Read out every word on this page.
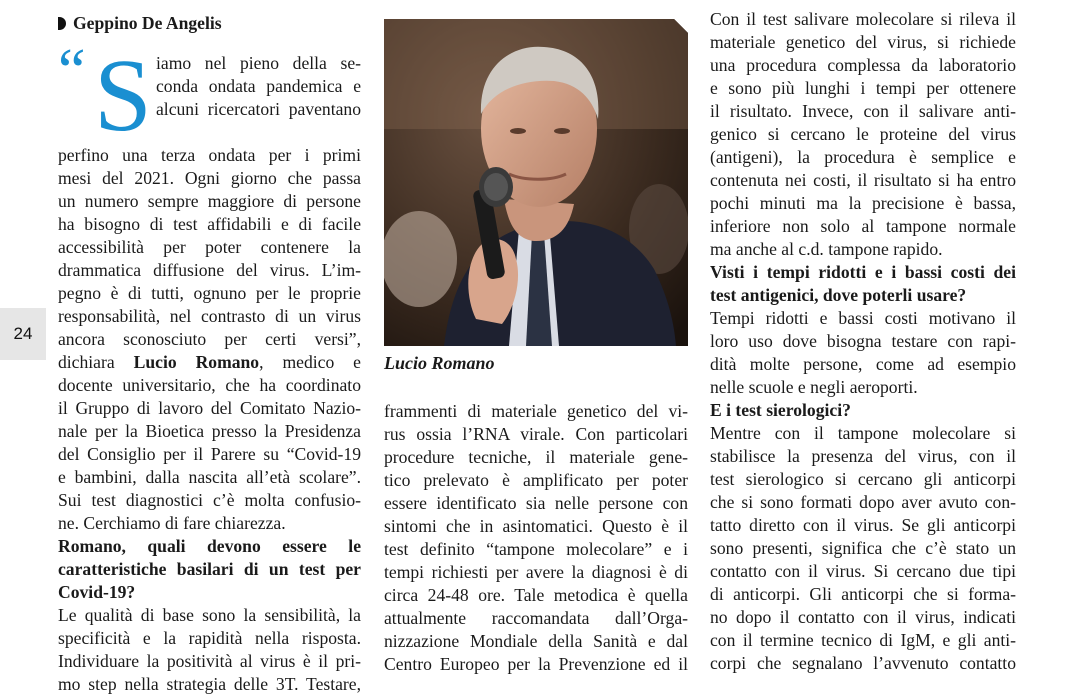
24
Geppino De Angelis
“ S iamo nel pieno della se-
conda ondata pandemica e
alcuni ricercatori paventano
perfino una terza ondata per i primi
mesi del 2021. Ogni giorno che passa
un numero sempre maggiore di persone
ha bisogno di test affidabili e di facile
accessibilità per poter contenere la
drammatica diffusione del virus. L’im-
pegno è di tutti, ognuno per le proprie
responsabilità, nel contrasto di un virus
ancora sconosciuto per certi versi”,
dichiara Lucio Romano, medico e
docente universitario, che ha coordinato
il Gruppo di lavoro del Comitato Nazio-
nale per la Bioetica presso la Presidenza
del Consiglio per il Parere su “Covid-19
e bambini, dalla nascita all’età scolare”.
Sui test diagnostici c’è molta confusio-
ne. Cerchiamo di fare chiarezza.
Romano, quali devono essere le
caratteristiche basilari di un test per
Covid-19?
Le qualità di base sono la sensibilità, la
specificità e la rapidità nella risposta.
Individuare la positività al virus è il pri-
mo step nella strategia delle 3T. Testare,
Lucio Romano
frammenti di materiale genetico del vi-
rus ossia l’RNA virale. Con particolari
procedure tecniche, il materiale gene-
tico prelevato è amplificato per poter
essere identificato sia nelle persone con
sintomi che in asintomatici. Questo è il
test definito “tampone molecolare” e i
tempi richiesti per avere la diagnosi è di
circa 24-48 ore. Tale metodica è quella
attualmente raccomandata dall’Orga-
nizzazione Mondiale della Sanità e dal
Centro Europeo per la Prevenzione ed il
Con il test salivare molecolare si rileva il
materiale genetico del virus, si richiede
una procedura complessa da laboratorio
e sono più lunghi i tempi per ottenere
il risultato. Invece, con il salivare anti-
genico si cercano le proteine del virus
(antigeni), la procedura è semplice e
contenuta nei costi, il risultato si ha entro
pochi minuti ma la precisione è bassa,
inferiore non solo al tampone normale
ma anche al c.d. tampone rapido.
Visti i tempi ridotti e i bassi costi dei
test antigenici, dove poterli usare?
Tempi ridotti e bassi costi motivano il
loro uso dove bisogna testare con rapi-
dità molte persone, come ad esempio
nelle scuole e negli aeroporti.
E i test sierologici?
Mentre con il tampone molecolare si
stabilisce la presenza del virus, con il
test sierologico si cercano gli anticorpi
che si sono formati dopo aver avuto con-
tatto diretto con il virus. Se gli anticorpi
sono presenti, significa che c’è stato un
contatto con il virus. Si cercano due tipi
di anticorpi. Gli anticorpi che si forma-
no dopo il contatto con il virus, indicati
con il termine tecnico di IgM, e gli anti-
corpi che segnalano l’avvenuto contatto
